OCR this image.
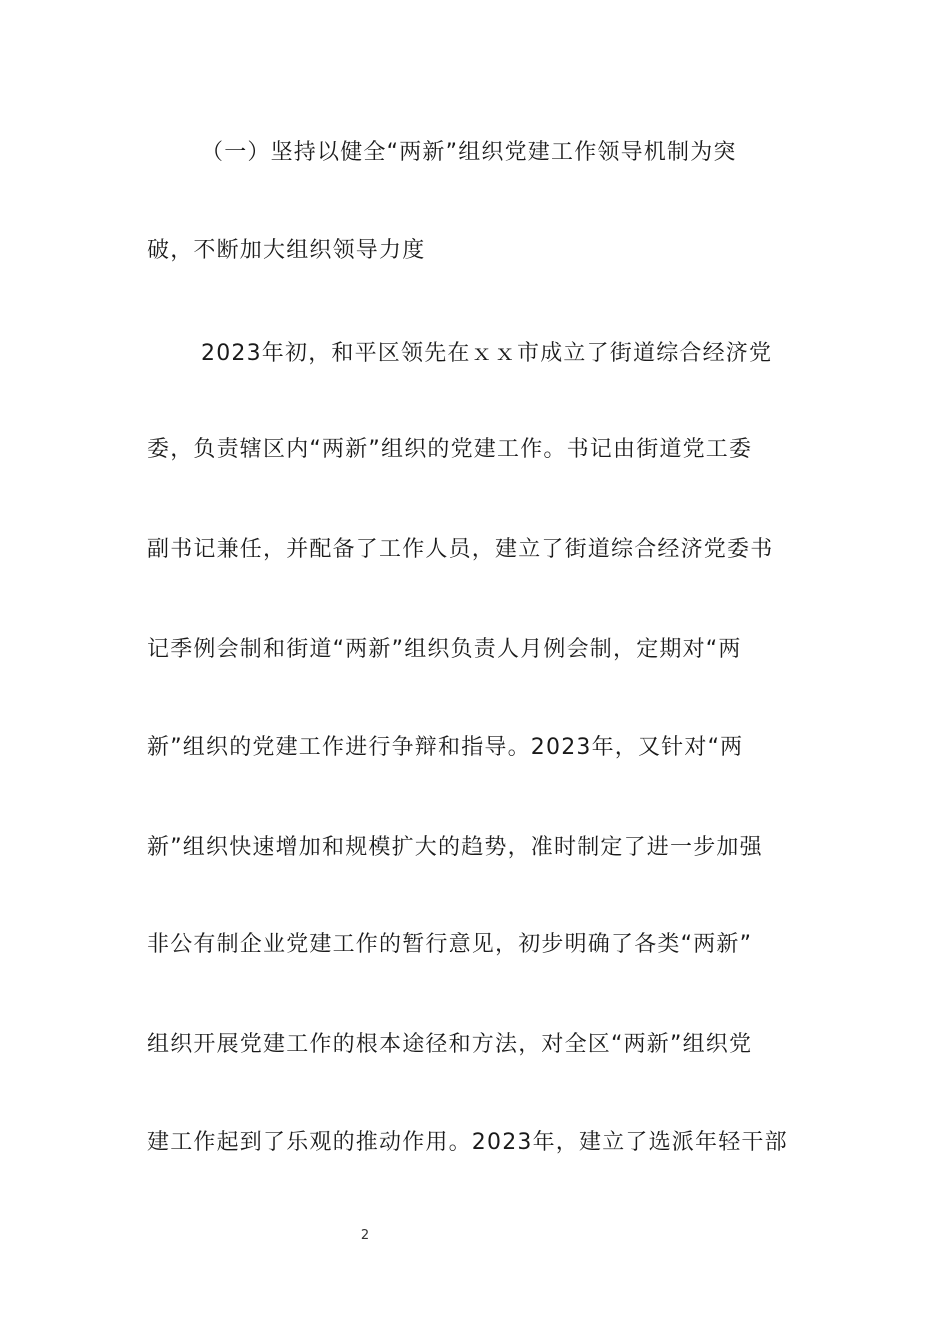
（一）坚持以健全“两新”组织党建工作领导机制为突
破，不断加大组织领导力度
2023年初，和平区领先在ｘｘ市成立了街道综合经济党
委，负责辖区内“两新”组织的党建工作。书记由街道党工委
副书记兼任，并配备了工作人员，建立了街道综合经济党委书
记季例会制和街道“两新”组织负责人月例会制，定期对“两
新”组织的党建工作进行争辩和指导。2023年，又针对“两
新”组织快速增加和规模扩大的趋势，准时制定了进一步加强
非公有制企业党建工作的暂行意见，初步明确了各类“两新”
组织开展党建工作的根本途径和方法，对全区“两新”组织党
建工作起到了乐观的推动作用。2023年，建立了选派年轻干部
2
